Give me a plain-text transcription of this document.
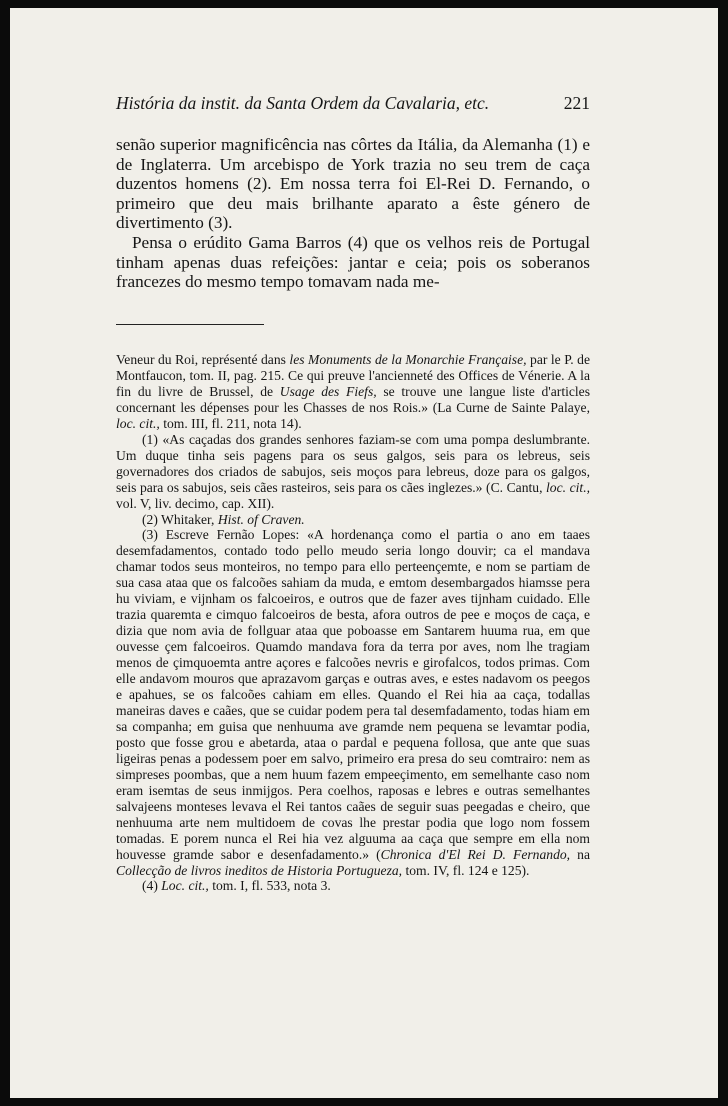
História da instit. da Santa Ordem da Cavalaria, etc.	221

senão superior magnificência nas côrtes da Itália, da Alemanha (1) e de Inglaterra. Um arcebispo de York trazia no seu trem de caça duzentos homens (2). Em nossa terra foi El-Rei D. Fernando, o primeiro que deu mais brilhante aparato a êste género de divertimento (3).

Pensa o erúdito Gama Barros (4) que os velhos reis de Portugal tinham apenas duas refeições: jantar e ceia; pois os soberanos francezes do mesmo tempo tomavam nada me-

Veneur du Roi, représenté dans les Monuments de la Monarchie Française, par le P. de Montfaucon, tom. II, pag. 215. Ce qui preuve l'ancienneté des Offices de Vénerie. A la fin du livre de Brussel, de Usage des Fiefs, se trouve une langue liste d'articles concernant les dépenses pour les Chasses de nos Rois.» (La Curne de Sainte Palaye, loc. cit., tom. III, fl. 211, nota 14).

(1) «As caçadas dos grandes senhores faziam-se com uma pompa deslumbrante. Um duque tinha seis pagens para os seus galgos, seis para os lebreus, seis governadores dos criados de sabujos, seis moços para lebreus, doze para os galgos, seis para os sabujos, seis cães rasteiros, seis para os cães inglezes.» (C. Cantu, loc. cit., vol. V, liv. decimo, cap. XII).

(2) Whitaker, Hist. of Craven.

(3) Escreve Fernão Lopes: «A hordenança como el partia o ano em taaes desemfadamentos, contado todo pello meudo seria longo douvir; ca el mandava chamar todos seus monteiros, no tempo para ello perteençemte, e nom se partiam de sua casa ataa que os falcoões sahiam da muda, e emtom desembargados hiamsse pera hu viviam, e vijnham os falcoeiros, e outros que de fazer aves tijnham cuidado. Elle trazia quaremta e cimquo falcoeiros de besta, afora outros de pee e moços de caça, e dizia que nom avia de follguar ataa que poboasse em Santarem huuma rua, em que ouvesse çem falcoeiros. Quamdo mandava fora da terra por aves, nom lhe tragiam menos de çimquoemta antre açores e falcoões nevris e girofalcos, todos primas. Com elle andavom mouros que aprazavom garças e outras aves, e estes nadavom os peegos e apahues, se os falcoões cahiam em elles. Quando el Rei hia aa caça, todallas maneiras daves e caães, que se cuidar podem pera tal desemfadamento, todas hiam em sa companha; em guisa que nenhuuma ave gramde nem pequena se levamtar podia, posto que fosse grou e abetarda, ataa o pardal e pequena follosa, que ante que suas ligeiras penas a podessem poer em salvo, primeiro era presa do seu comtrairo: nem as simpreses poombas, que a nem huum fazem empeeçimento, em semelhante caso nom eram isemtas de seus inmijgos. Pera coelhos, raposas e lebres e outras semelhantes salvajeens monteses levava el Rei tantos caães de seguir suas peegadas e cheiro, que nenhuuma arte nem multidoem de covas lhe prestar podia que logo nom fossem tomadas. E porem nunca el Rei hia vez alguuma aa caça que sempre em ella nom houvesse gramde sabor e desenfadamento.» (Chronica d'El Rei D. Fernando, na Collecção de livros ineditos de Historia Portugueza, tom. IV, fl. 124 e 125).

(4) Loc. cit., tom. I, fl. 533, nota 3.
